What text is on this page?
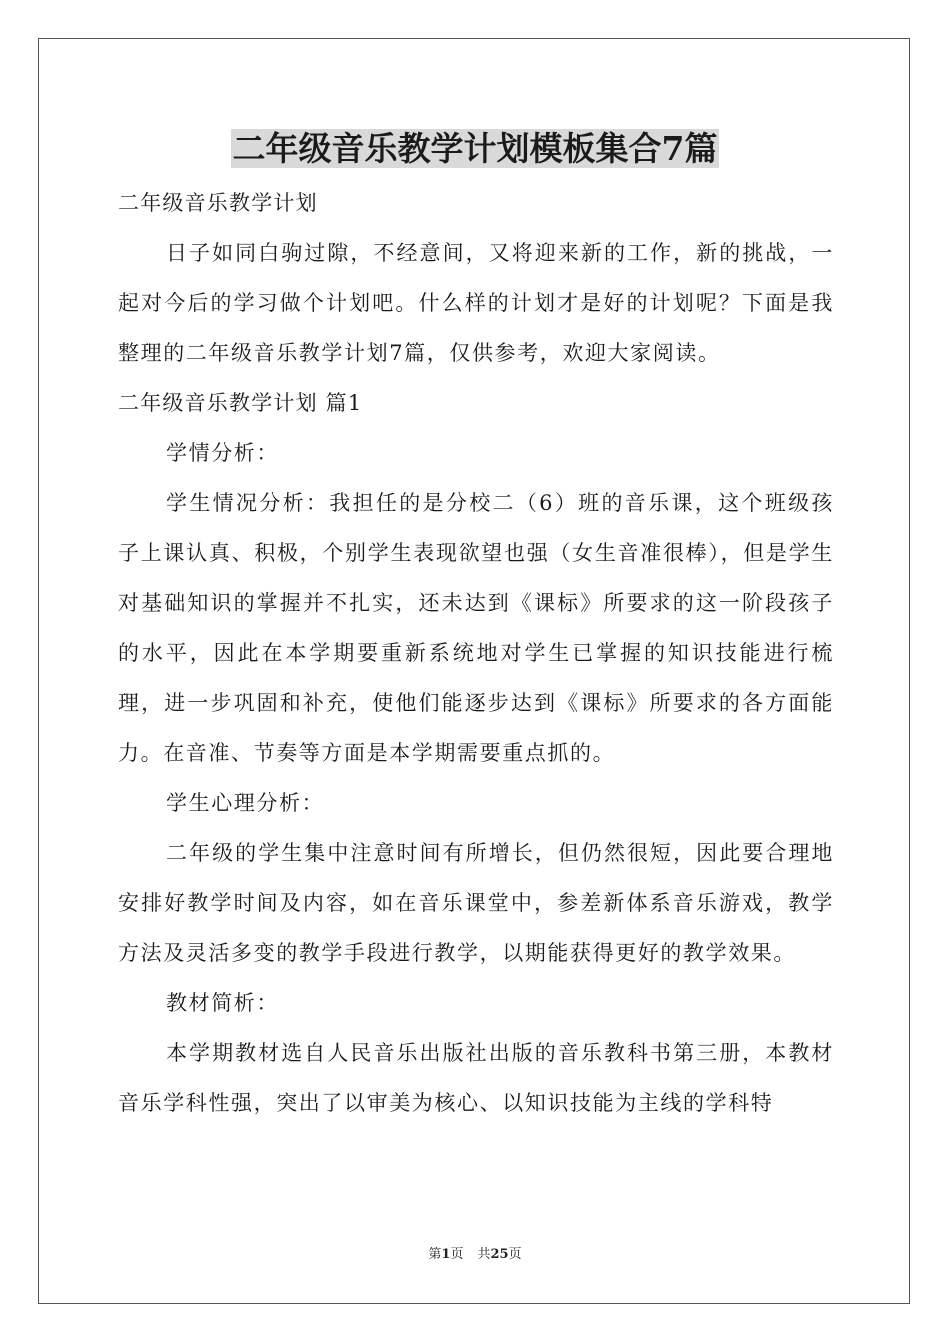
二年级音乐教学计划模板集合7篇

二年级音乐教学计划

日子如同白驹过隙，不经意间，又将迎来新的工作，新的挑战，一起对今后的学习做个计划吧。什么样的计划才是好的计划呢？下面是我整理的二年级音乐教学计划7篇，仅供参考，欢迎大家阅读。

二年级音乐教学计划 篇1

学情分析：

学生情况分析：我担任的是分校二（6）班的音乐课，这个班级孩子上课认真、积极，个别学生表现欲望也强（女生音准很棒），但是学生对基础知识的掌握并不扎实，还未达到《课标》所要求的这一阶段孩子的水平，因此在本学期要重新系统地对学生已掌握的知识技能进行梳理，进一步巩固和补充，使他们能逐步达到《课标》所要求的各方面能力。在音准、节奏等方面是本学期需要重点抓的。

学生心理分析：

二年级的学生集中注意时间有所增长，但仍然很短，因此要合理地安排好教学时间及内容，如在音乐课堂中，参差新体系音乐游戏，教学方法及灵活多变的教学手段进行教学，以期能获得更好的教学效果。

教材简析：

本学期教材选自人民音乐出版社出版的音乐教科书第三册，本教材音乐学科性强，突出了以审美为核心、以知识技能为主线的学科特

第1页 共25页
